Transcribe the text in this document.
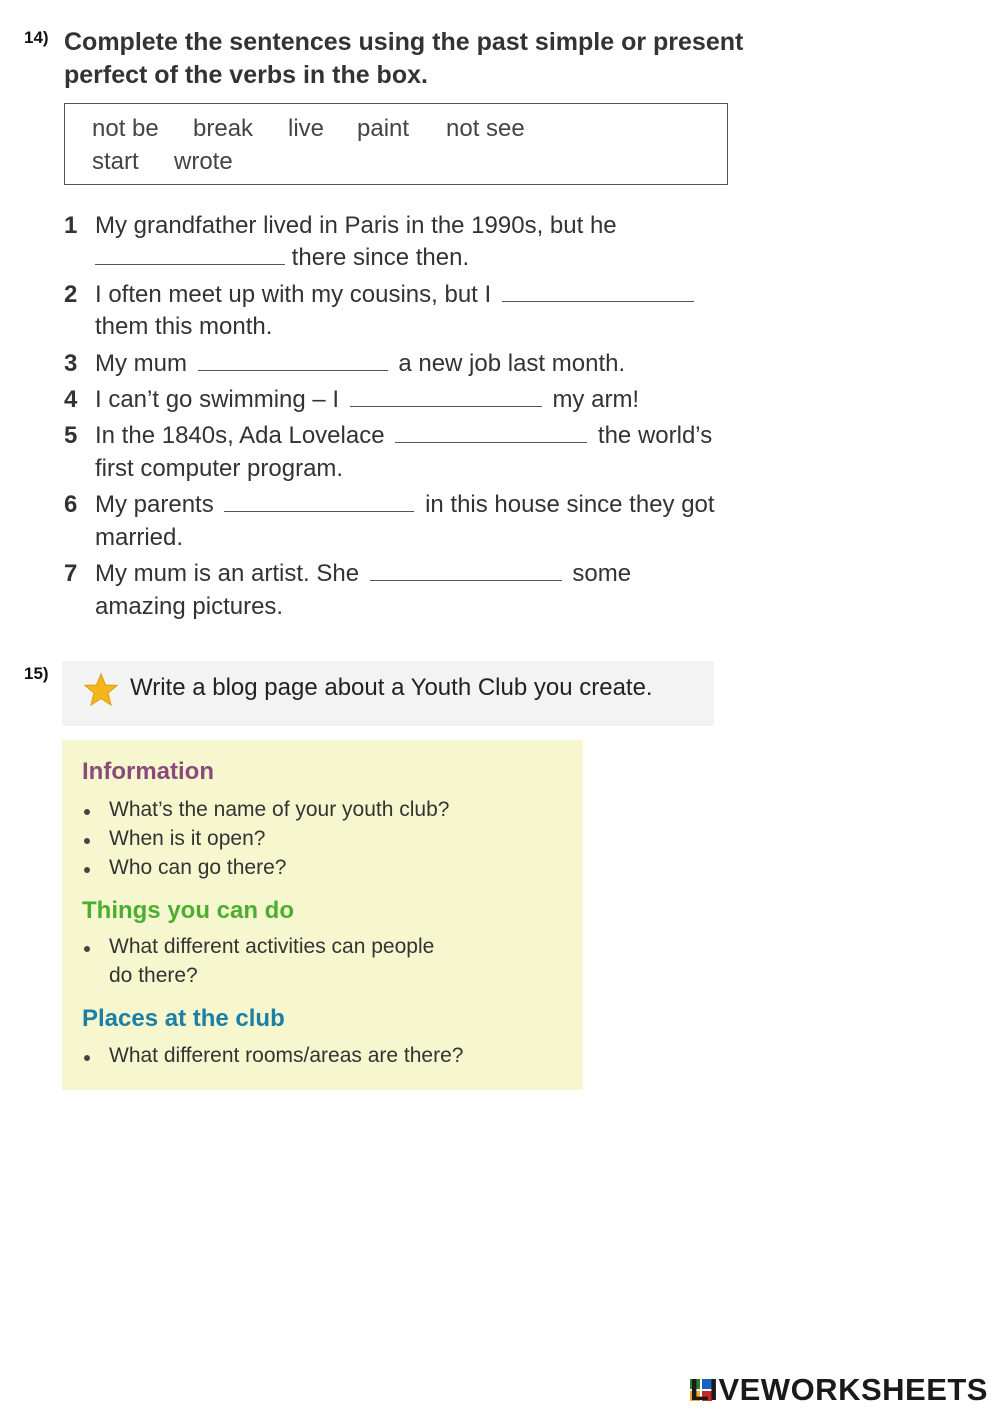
14) Complete the sentences using the past simple or present
perfect of the verbs in the box.
not be break live paint not see
start wrote
1 My grandfather lived in Paris in the 1990s, but he
there since then.
2 I often meet up with my cousins, but I
them this month.
3 My mum	a new job last month.
4 I can’t go swimming – I	my arm!
5 In the 1840s, Ada Lovelace	the world’s
first computer program.
6 My parents	in this house since they got
married.
7 My mum is an artist. She	some
amazing pictures.
15)
Write a blog page about a Youth Club you create.
Information
What’s the name of your youth club?
When is it open?
Who can go there?
Things you can do
What different activities can people
do there?
Places at the club
What different rooms/areas are there?
LIVEWORKSHEETS
